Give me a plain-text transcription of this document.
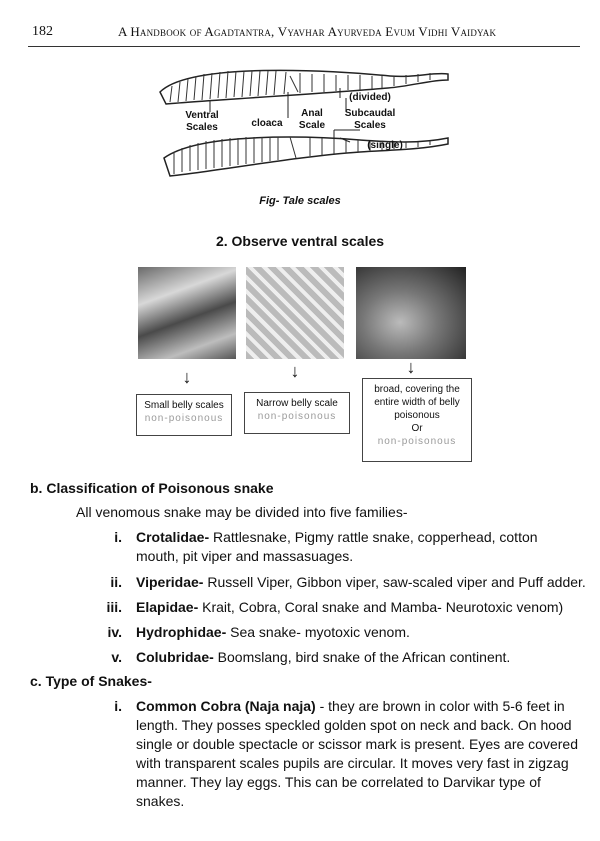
182	A Handbook of Agadtantra, Vyavhar Ayurveda Evum Vidhi Vaidyak
Ventral
Scales	cloaca
Anal
Scale
(divided)
Subcaudal
Scales
(single)
Fig- Tale scales
2. Observe ventral scales
↓	↓	↓
Small belly scales
non-poisonous
Narrow belly scale
non-poisonous
broad, covering the
entire width of belly
poisonous
Or
non-poisonous
b. Classification of Poisonous snake
All venomous snake may be divided into five families-
i. Crotalidae- Rattlesnake, Pigmy rattle snake, copperhead, cotton
mouth, pit viper and massasuages.
ii. Viperidae- Russell Viper, Gibbon viper, saw-scaled viper and Puff adder.
iii. Elapidae- Krait, Cobra, Coral snake and Mamba- Neurotoxic venom)
iv. Hydrophidae- Sea snake- myotoxic venom.
v. Colubridae- Boomslang, bird snake of the African continent.
c. Type of Snakes-
i. Common Cobra (Naja naja) - they are brown in color with 5-6 feet in
length. They posses speckled golden spot on neck and back. On hood
single or double spectacle or scissor mark is present. Eyes are covered
with transparent scales pupils are circular. It moves very fast in zigzag
manner. They lay eggs. This can be correlated to Darvikar type of
snakes.
